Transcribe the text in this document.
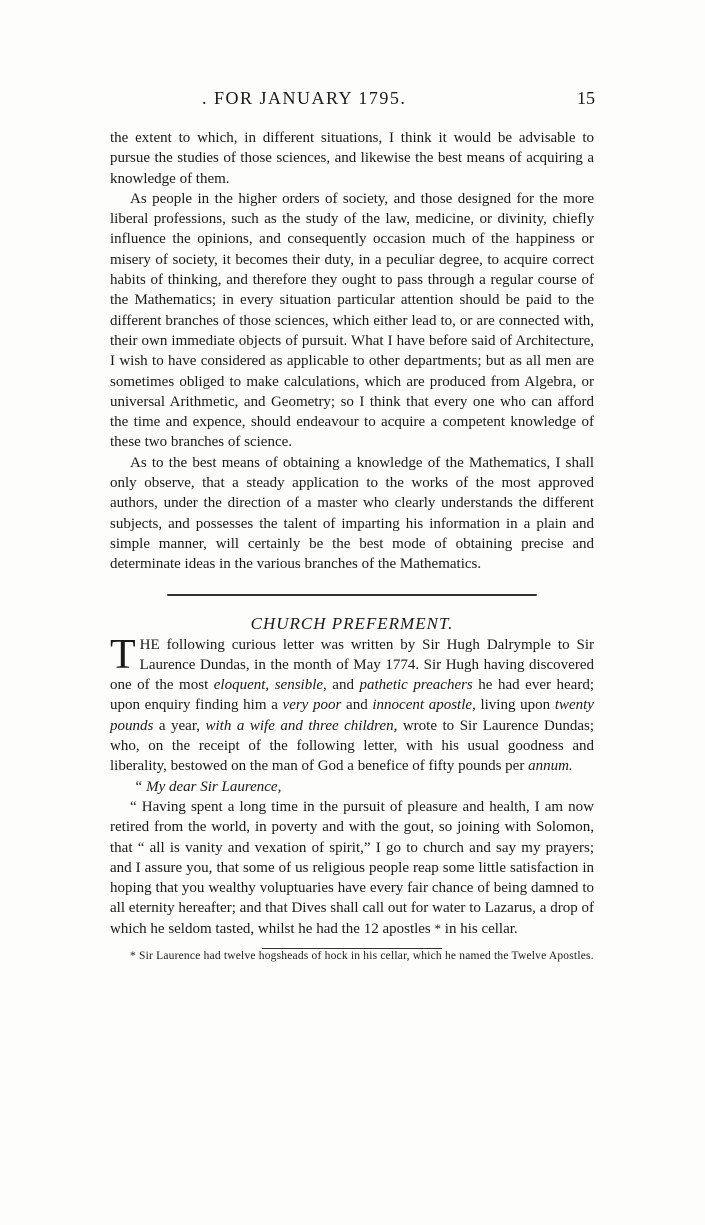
. FOR JANUARY 1795.	15

the extent to which, in different situations, I think it would be advisable to pursue the studies of those sciences, and likewise the best means of acquiring a knowledge of them.

As people in the higher orders of society, and those designed for the more liberal professions, such as the study of the law, medicine, or divinity, chiefly influence the opinions, and consequently occasion much of the happiness or misery of society, it becomes their duty, in a peculiar degree, to acquire correct habits of thinking, and therefore they ought to pass through a regular course of the Mathematics; in every situation particular attention should be paid to the different branches of those sciences, which either lead to, or are connected with, their own immediate objects of pursuit. What I have before said of Architecture, I wish to have considered as applicable to other departments; but as all men are sometimes obliged to make calculations, which are produced from Algebra, or universal Arithmetic, and Geometry; so I think that every one who can afford the time and expence, should endeavour to acquire a competent knowledge of these two branches of science.

As to the best means of obtaining a knowledge of the Mathematics, I shall only observe, that a steady application to the works of the most approved authors, under the direction of a master who clearly understands the different subjects, and possesses the talent of imparting his information in a plain and simple manner, will certainly be the best mode of obtaining precise and determinate ideas in the various branches of the Mathematics.

CHURCH PREFERMENT.

THE following curious letter was written by Sir Hugh Dalrymple to Sir Laurence Dundas, in the month of May 1774. Sir Hugh having discovered one of the most eloquent, sensible, and pathetic preachers he had ever heard; upon enquiry finding him a very poor and innocent apostle, living upon twenty pounds a year, with a wife and three children, wrote to Sir Laurence Dundas; who, on the receipt of the following letter, with his usual goodness and liberality, bestowed on the man of God a benefice of fifty pounds per annum.

“ My dear Sir Laurence,

“ Having spent a long time in the pursuit of pleasure and health, I am now retired from the world, in poverty and with the gout, so joining with Solomon, that “ all is vanity and vexation of spirit,” I go to church and say my prayers; and I assure you, that some of us religious people reap some little satisfaction in hoping that you wealthy voluptuaries have every fair chance of being damned to all eternity hereafter; and that Dives shall call out for water to Lazarus, a drop of which he seldom tasted, whilst he had the 12 apostles * in his cellar.

* Sir Laurence had twelve hogsheads of hock in his cellar, which he named the Twelve Apostles.
